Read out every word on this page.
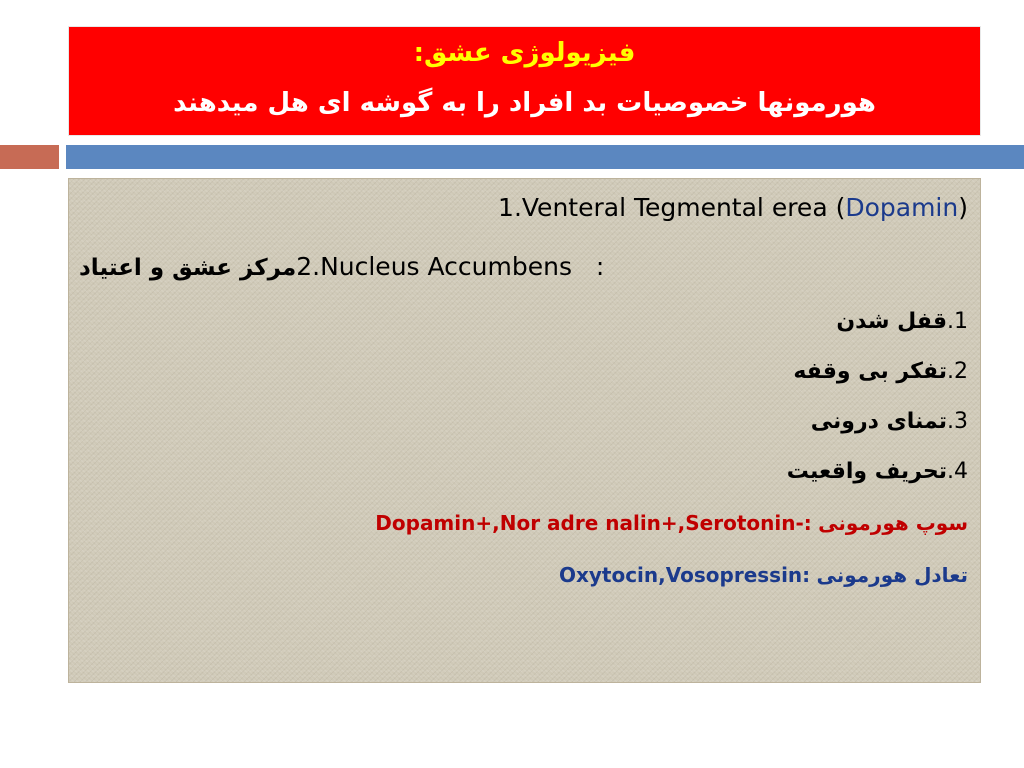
فیزیولوژی عشق:
هورمونها خصوصیات بد افراد را به گوشه ای هل میدهند
1.Venteral Tegmental erea (Dopamin)
مرکز عشق و اعتیاد2.Nucleus Accumbens   :
قفل شدن1.
تفکر بی وقفه2.
تمنای درونی3.
تحریف واقعیت4.
Dopamin+,Nor adre nalin+,Serotonin-: سوپ هورمونی
Oxytocin,Vosopressin: تعادل هورمونی
